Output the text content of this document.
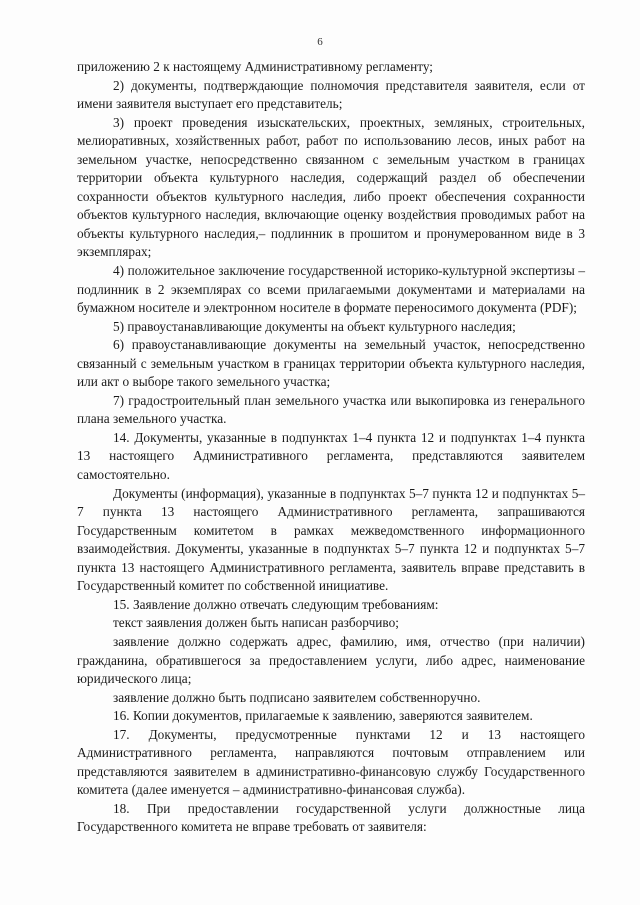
6

приложению 2 к настоящему Административному регламенту;

2) документы, подтверждающие полномочия представителя заявителя, если от имени заявителя выступает его представитель;

3) проект проведения изыскательских, проектных, земляных, строительных, мелиоративных, хозяйственных работ, работ по использованию лесов, иных работ на земельном участке, непосредственно связанном с земельным участком в границах территории объекта культурного наследия, содержащий раздел об обеспечении сохранности объектов культурного наследия, либо проект обеспечения сохранности объектов культурного наследия, включающие оценку воздействия проводимых работ на объекты культурного наследия,– подлинник в прошитом и пронумерованном виде в 3 экземплярах;

4) положительное заключение государственной историко-культурной экспертизы – подлинник в 2 экземплярах со всеми прилагаемыми документами и материалами на бумажном носителе и электронном носителе в формате переносимого документа (PDF);

5) правоустанавливающие документы на объект культурного наследия;

6) правоустанавливающие документы на земельный участок, непосредственно связанный с земельным участком в границах территории объекта культурного наследия, или акт о выборе такого земельного участка;

7) градостроительный план земельного участка или выкопировка из генерального плана земельного участка.

14. Документы, указанные в подпунктах 1–4 пункта 12 и подпунктах 1–4 пункта 13 настоящего Административного регламента, представляются заявителем самостоятельно.

Документы (информация), указанные в подпунктах 5–7 пункта 12 и подпунктах 5–7 пункта 13 настоящего Административного регламента, запрашиваются Государственным комитетом в рамках межведомственного информационного взаимодействия. Документы, указанные в подпунктах 5–7 пункта 12 и подпунктах 5–7 пункта 13 настоящего Административного регламента, заявитель вправе представить в Государственный комитет по собственной инициативе.

15. Заявление должно отвечать следующим требованиям:

текст заявления должен быть написан разборчиво;

заявление должно содержать адрес, фамилию, имя, отчество (при наличии) гражданина, обратившегося за предоставлением услуги, либо адрес, наименование юридического лица;

заявление должно быть подписано заявителем собственноручно.

16. Копии документов, прилагаемые к заявлению, заверяются заявителем.

17. Документы, предусмотренные пунктами 12 и 13 настоящего Административного регламента, направляются почтовым отправлением или представляются заявителем в административно-финансовую службу Государственного комитета (далее именуется – административно-финансовая служба).

18. При предоставлении государственной услуги должностные лица Государственного комитета не вправе требовать от заявителя:
